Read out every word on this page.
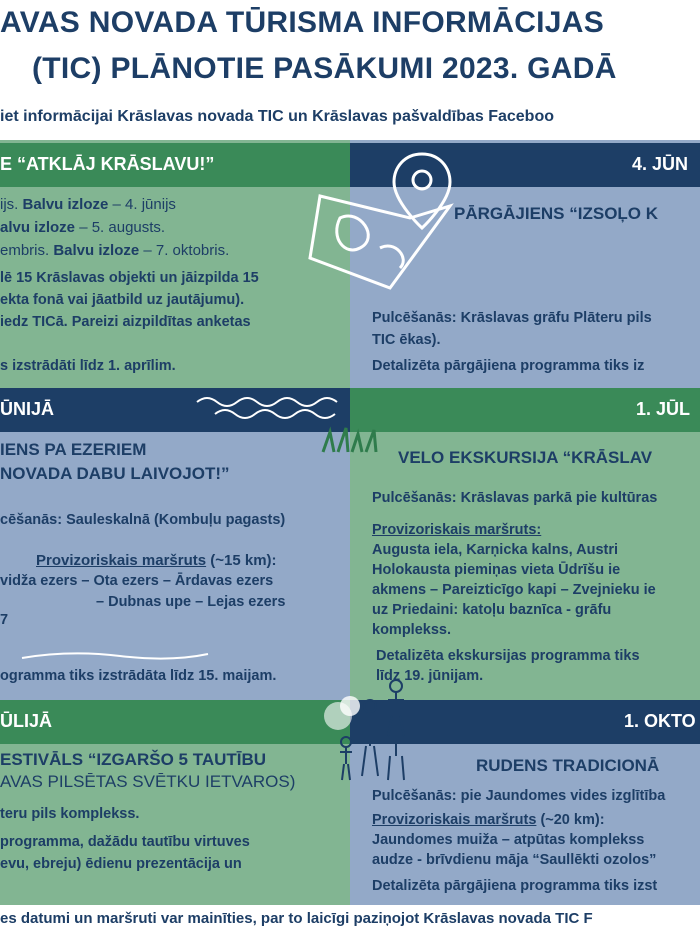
AVAS NOVADA TŪRISMA INFORMĀCIJAS
(TIC) PLĀNOTIE PASĀKUMI 2023. GADĀ
iet informācijai Krāslavas novada TIC un Krāslavas pašvaldības Faceboo
E “ATKLĀJ KRĀSLAVU!”	4. JŪN
ŪNIJĀ	1. JŪL
ŪLIJĀ	1. OKTO
ijs. Balvu izloze – 4. jūnijs
alvu izloze – 5. augusts.
embris. Balvu izloze – 7. oktobris.
lē 15 Krāslavas objekti un jāizpilda 15
ekta fonā vai jāatbild uz jautājumu).
iedz TICā. Pareizi aizpildītas anketas
s izstrādāti līdz 1. aprīlim.
PĀRGĀJIENS “IZSOĻO K
Pulcēšanās: Krāslavas grāfu Plāteru pils
TIC ēkas).
Detalizēta pārgājiena programma tiks iz
IENS PA EZERIEM
NOVADA DABU LAIVOJOT!”
cēšanās: Sauleskalnā (Kombuļu pagasts)
Provizoriskais maršruts (~15 km):
vidža ezers – Ota ezers – Ārdavas ezers
– Dubnas upe – Lejas ezers
7
ogramma tiks izstrādāta līdz 15. maijam.
VELO EKSKURSIJA “KRĀSLAV
Pulcēšanās: Krāslavas parkā pie kultūras
Provizoriskais maršruts:
Augusta iela, Karņicka kalns, Austri
Holokausta piemiņas vieta Ūdrīšu ie
akmens – Pareizticīgo kapi – Zvejnieku ie
uz Priedaini: katoļu baznīca - grāfu
komplekss.
Detalizēta ekskursijas programma tiks
līdz 19. jūnijam.
ESTIVĀLS “IZGARŠO 5 TAUTĪBU
AVAS PILSĒTAS SVĒTKU IETVAROS)
teru pils komplekss.
programma, dažādu tautību virtuves
evu, ebreju) ēdienu prezentācija un
RUDENS TRADICIONĀ
Pulcēšanās: pie Jaundomes vides izglītība
Provizoriskais maršruts (~20 km):
Jaundomes muiža – atpūtas komplekss
audze - brīvdienu māja “Saullēkti ozolos”
Detalizēta pārgājiena programma tiks izst
es datumi un maršruti var mainīties, par to laicīgi paziņojot Krāslavas novada TIC F
